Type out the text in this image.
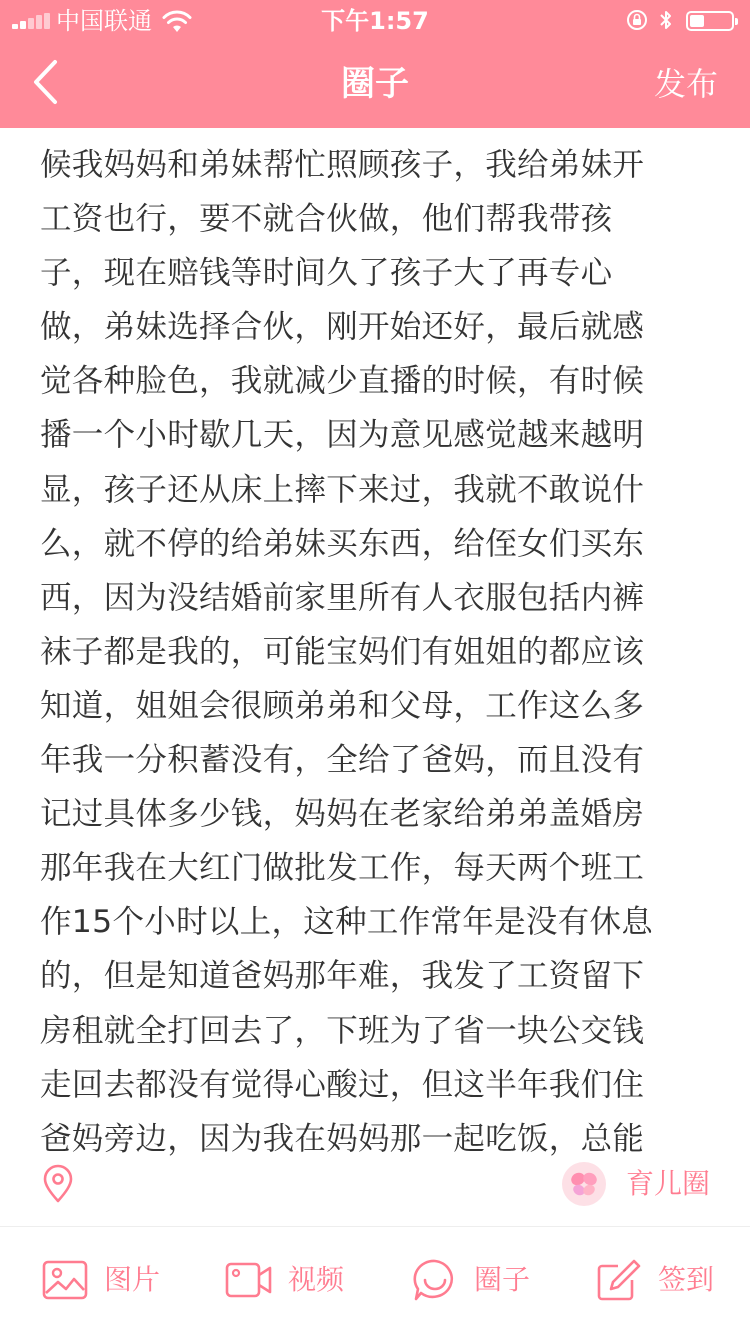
中国联通	下午1:57
圈子	发布
候我妈妈和弟妹帮忙照顾孩子，我给弟妹开
工资也行，要不就合伙做，他们帮我带孩
子，现在赔钱等时间久了孩子大了再专心
做，弟妹选择合伙，刚开始还好，最后就感
觉各种脸色，我就减少直播的时候，有时候
播一个小时歇几天，因为意见感觉越来越明
显，孩子还从床上摔下来过，我就不敢说什
么，就不停的给弟妹买东西，给侄女们买东
西，因为没结婚前家里所有人衣服包括内裤
袜子都是我的，可能宝妈们有姐姐的都应该
知道，姐姐会很顾弟弟和父母，工作这么多
年我一分积蓄没有，全给了爸妈，而且没有
记过具体多少钱，妈妈在老家给弟弟盖婚房
那年我在大红门做批发工作，每天两个班工
作15个小时以上，这种工作常年是没有休息
的，但是知道爸妈那年难，我发了工资留下
房租就全打回去了，下班为了省一块公交钱
走回去都没有觉得心酸过，但这半年我们住
爸妈旁边，因为我在妈妈那一起吃饭，总能
育儿圈
图片	视频	圈子	签到
